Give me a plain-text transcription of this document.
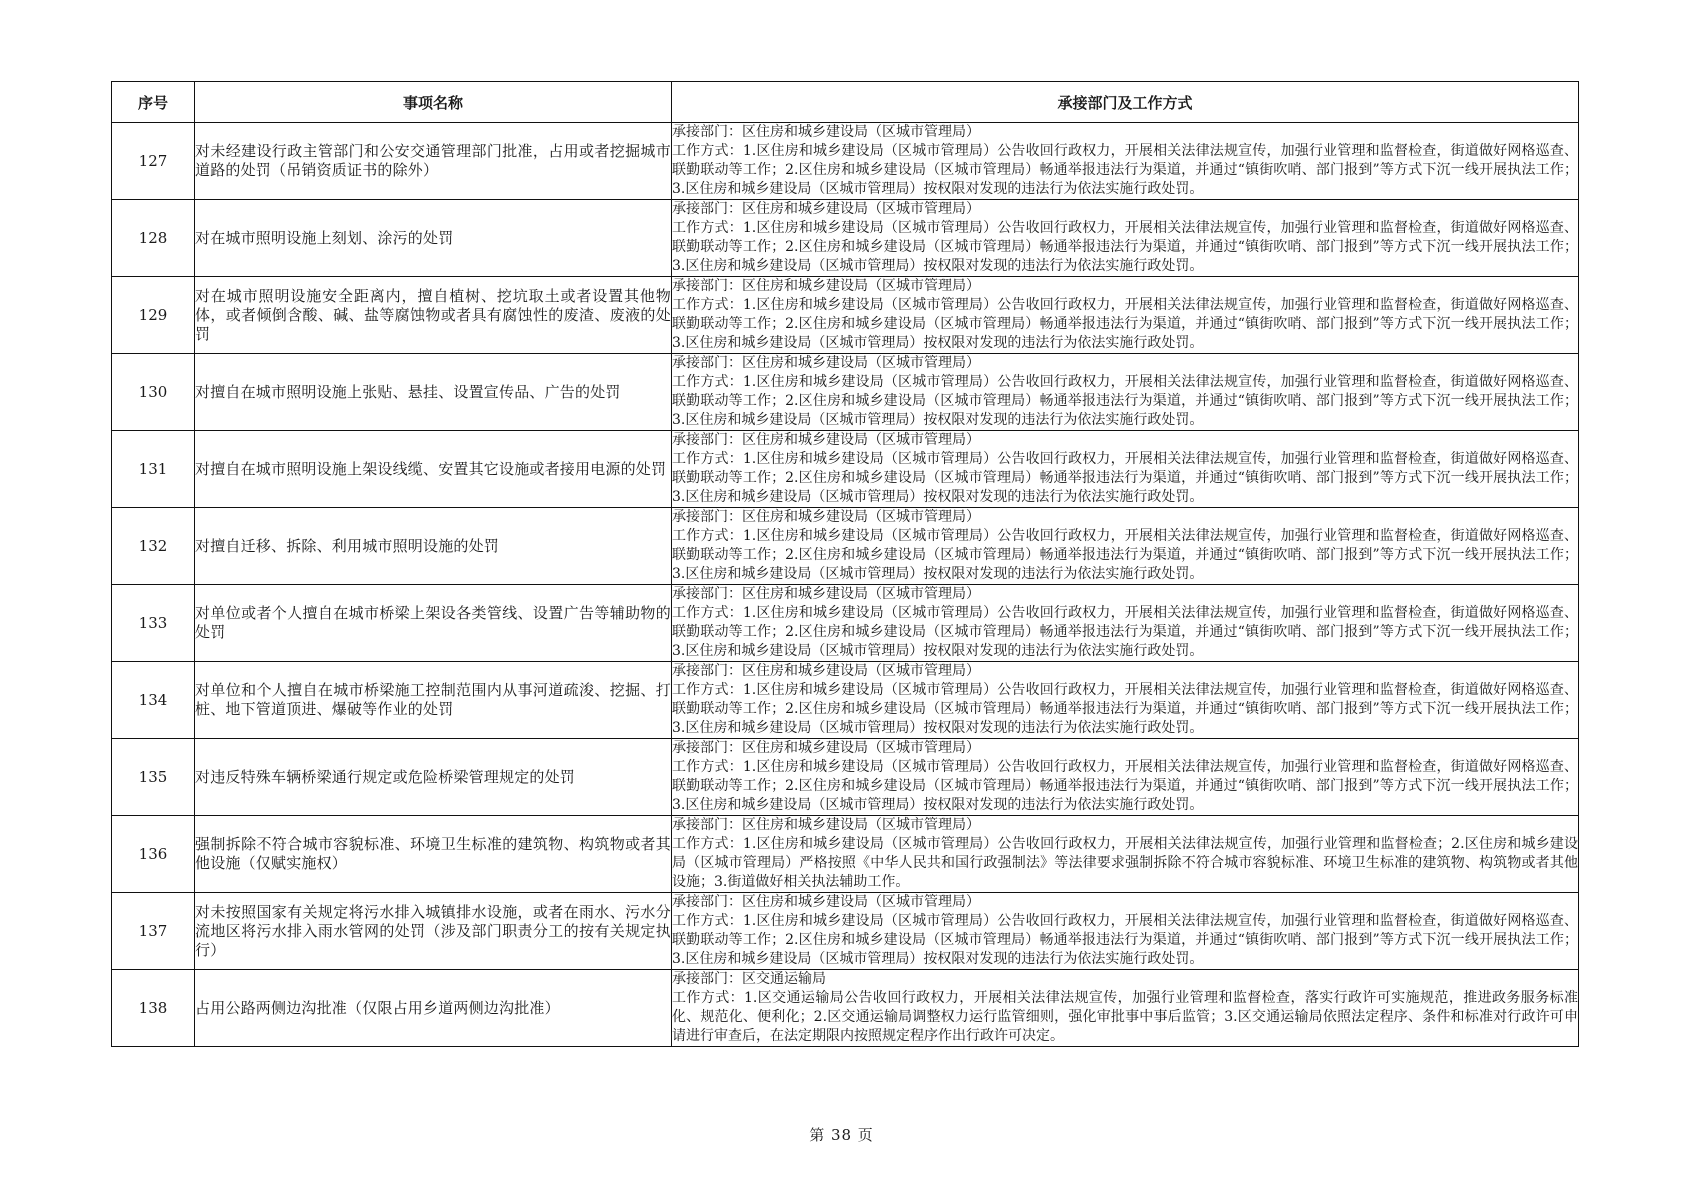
序号	事项名称	承接部门及工作方式
127	对未经建设行政主管部门和公安交通管理部门批准，占用或者挖掘城市道路的处罚（吊销资质证书的除外）	承接部门：区住房和城乡建设局（区城市管理局）
工作方式：1.区住房和城乡建设局（区城市管理局）公告收回行政权力，开展相关法律法规宣传，加强行业管理和监督检查，街道做好网格巡查、联勤联动等工作；2.区住房和城乡建设局（区城市管理局）畅通举报违法行为渠道，并通过“镇街吹哨、部门报到”等方式下沉一线开展执法工作；3.区住房和城乡建设局（区城市管理局）按权限对发现的违法行为依法实施行政处罚。

128	对在城市照明设施上刻划、涂污的处罚	承接部门：区住房和城乡建设局（区城市管理局）
工作方式：1.区住房和城乡建设局（区城市管理局）公告收回行政权力，开展相关法律法规宣传，加强行业管理和监督检查，街道做好网格巡查、联勤联动等工作；2.区住房和城乡建设局（区城市管理局）畅通举报违法行为渠道，并通过“镇街吹哨、部门报到”等方式下沉一线开展执法工作；3.区住房和城乡建设局（区城市管理局）按权限对发现的违法行为依法实施行政处罚。

129	对在城市照明设施安全距离内，擅自植树、挖坑取土或者设置其他物体，或者倾倒含酸、碱、盐等腐蚀物或者具有腐蚀性的废渣、废液的处罚	承接部门：区住房和城乡建设局（区城市管理局）
工作方式：1.区住房和城乡建设局（区城市管理局）公告收回行政权力，开展相关法律法规宣传，加强行业管理和监督检查，街道做好网格巡查、联勤联动等工作；2.区住房和城乡建设局（区城市管理局）畅通举报违法行为渠道，并通过“镇街吹哨、部门报到”等方式下沉一线开展执法工作；3.区住房和城乡建设局（区城市管理局）按权限对发现的违法行为依法实施行政处罚。

130	对擅自在城市照明设施上张贴、悬挂、设置宣传品、广告的处罚	承接部门：区住房和城乡建设局（区城市管理局）
工作方式：1.区住房和城乡建设局（区城市管理局）公告收回行政权力，开展相关法律法规宣传，加强行业管理和监督检查，街道做好网格巡查、联勤联动等工作；2.区住房和城乡建设局（区城市管理局）畅通举报违法行为渠道，并通过“镇街吹哨、部门报到”等方式下沉一线开展执法工作；3.区住房和城乡建设局（区城市管理局）按权限对发现的违法行为依法实施行政处罚。

131	对擅自在城市照明设施上架设线缆、安置其它设施或者接用电源的处罚	承接部门：区住房和城乡建设局（区城市管理局）
工作方式：1.区住房和城乡建设局（区城市管理局）公告收回行政权力，开展相关法律法规宣传，加强行业管理和监督检查，街道做好网格巡查、联勤联动等工作；2.区住房和城乡建设局（区城市管理局）畅通举报违法行为渠道，并通过“镇街吹哨、部门报到”等方式下沉一线开展执法工作；3.区住房和城乡建设局（区城市管理局）按权限对发现的违法行为依法实施行政处罚。

132	对擅自迁移、拆除、利用城市照明设施的处罚	承接部门：区住房和城乡建设局（区城市管理局）
工作方式：1.区住房和城乡建设局（区城市管理局）公告收回行政权力，开展相关法律法规宣传，加强行业管理和监督检查，街道做好网格巡查、联勤联动等工作；2.区住房和城乡建设局（区城市管理局）畅通举报违法行为渠道，并通过“镇街吹哨、部门报到”等方式下沉一线开展执法工作；3.区住房和城乡建设局（区城市管理局）按权限对发现的违法行为依法实施行政处罚。

133	对单位或者个人擅自在城市桥梁上架设各类管线、设置广告等辅助物的处罚	承接部门：区住房和城乡建设局（区城市管理局）
工作方式：1.区住房和城乡建设局（区城市管理局）公告收回行政权力，开展相关法律法规宣传，加强行业管理和监督检查，街道做好网格巡查、联勤联动等工作；2.区住房和城乡建设局（区城市管理局）畅通举报违法行为渠道，并通过“镇街吹哨、部门报到”等方式下沉一线开展执法工作；3.区住房和城乡建设局（区城市管理局）按权限对发现的违法行为依法实施行政处罚。

134	对单位和个人擅自在城市桥梁施工控制范围内从事河道疏浚、挖掘、打桩、地下管道顶进、爆破等作业的处罚	承接部门：区住房和城乡建设局（区城市管理局）
工作方式：1.区住房和城乡建设局（区城市管理局）公告收回行政权力，开展相关法律法规宣传，加强行业管理和监督检查，街道做好网格巡查、联勤联动等工作；2.区住房和城乡建设局（区城市管理局）畅通举报违法行为渠道，并通过“镇街吹哨、部门报到”等方式下沉一线开展执法工作；3.区住房和城乡建设局（区城市管理局）按权限对发现的违法行为依法实施行政处罚。

135	对违反特殊车辆桥梁通行规定或危险桥梁管理规定的处罚	承接部门：区住房和城乡建设局（区城市管理局）
工作方式：1.区住房和城乡建设局（区城市管理局）公告收回行政权力，开展相关法律法规宣传，加强行业管理和监督检查，街道做好网格巡查、联勤联动等工作；2.区住房和城乡建设局（区城市管理局）畅通举报违法行为渠道，并通过“镇街吹哨、部门报到”等方式下沉一线开展执法工作；3.区住房和城乡建设局（区城市管理局）按权限对发现的违法行为依法实施行政处罚。

136	强制拆除不符合城市容貌标准、环境卫生标准的建筑物、构筑物或者其他设施（仅赋实施权）	承接部门：区住房和城乡建设局（区城市管理局）
工作方式：1.区住房和城乡建设局（区城市管理局）公告收回行政权力，开展相关法律法规宣传，加强行业管理和监督检查；2.区住房和城乡建设局（区城市管理局）严格按照《中华人民共和国行政强制法》等法律要求强制拆除不符合城市容貌标准、环境卫生标准的建筑物、构筑物或者其他设施；3.街道做好相关执法辅助工作。

137	对未按照国家有关规定将污水排入城镇排水设施，或者在雨水、污水分流地区将污水排入雨水管网的处罚（涉及部门职责分工的按有关规定执行）	承接部门：区住房和城乡建设局（区城市管理局）
工作方式：1.区住房和城乡建设局（区城市管理局）公告收回行政权力，开展相关法律法规宣传，加强行业管理和监督检查，街道做好网格巡查、联勤联动等工作；2.区住房和城乡建设局（区城市管理局）畅通举报违法行为渠道，并通过“镇街吹哨、部门报到”等方式下沉一线开展执法工作；3.区住房和城乡建设局（区城市管理局）按权限对发现的违法行为依法实施行政处罚。

138	占用公路两侧边沟批准（仅限占用乡道两侧边沟批准）	承接部门：区交通运输局
工作方式：1.区交通运输局公告收回行政权力，开展相关法律法规宣传，加强行业管理和监督检查，落实行政许可实施规范，推进政务服务标准化、规范化、便利化；2.区交通运输局调整权力运行监管细则，强化审批事中事后监管；3.区交通运输局依照法定程序、条件和标准对行政许可申请进行审查后，在法定期限内按照规定程序作出行政许可决定。
第 38 页
